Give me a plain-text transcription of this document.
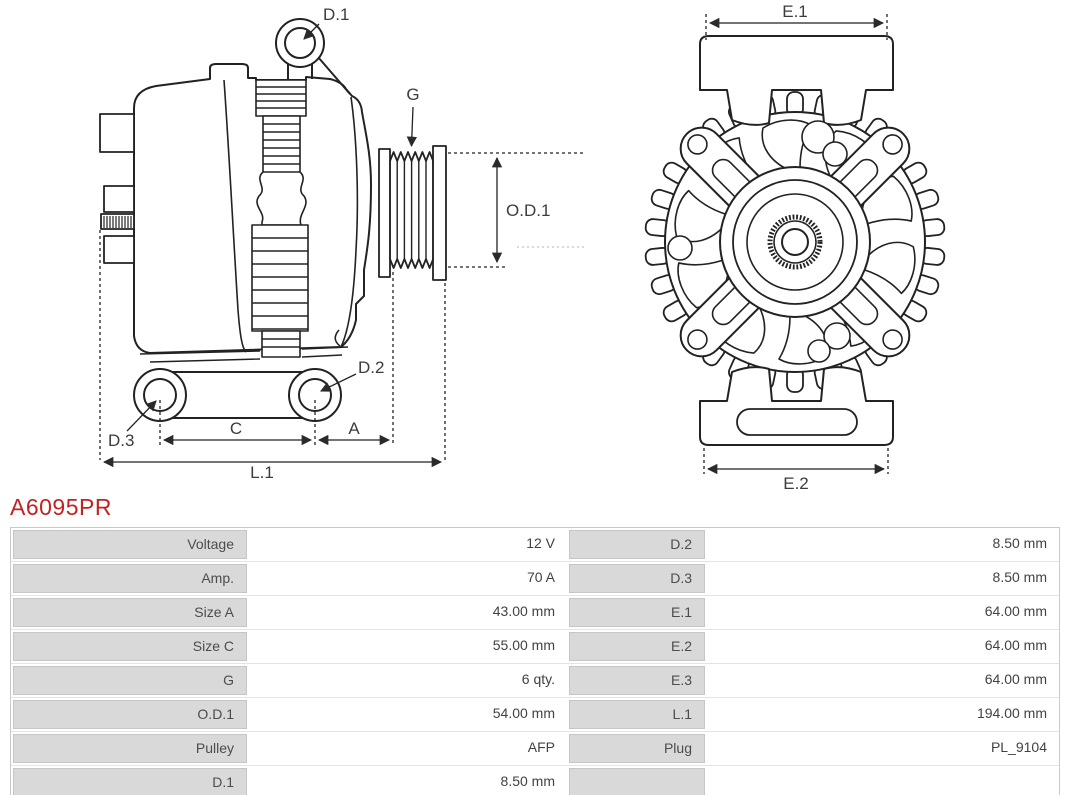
D.1
G
O.D.1
D.2
D.3
C	A
L.1
E.1
E.2
A6095PR
Voltage	12 V	D.2	8.50 mm
Amp.	70 A	D.3	8.50 mm
Size A	43.00 mm	E.1	64.00 mm
Size C	55.00 mm	E.2	64.00 mm
G	6 qty.	E.3	64.00 mm
O.D.1	54.00 mm	L.1	194.00 mm
Pulley	AFP	Plug	PL_9104
D.1	8.50 mm
